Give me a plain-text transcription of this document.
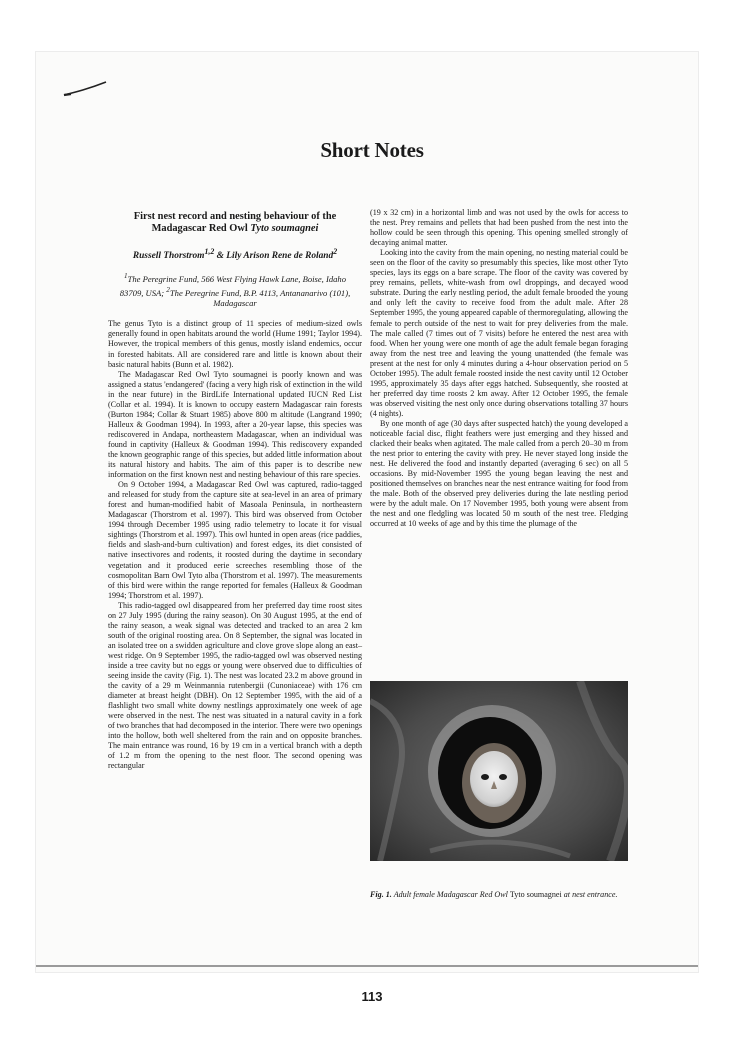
Short Notes
First nest record and nesting behaviour of the
Madagascar Red Owl Tyto soumagnei
Russell Thorstrom$^{1,2}$ & Lily Arison Rene de Roland$^2$
$^1$The Peregrine Fund, 566 West Flying Hawk Lane, Boise, Idaho 83709, USA; $^2$The Peregrine Fund, B.P. 4113, Antananarivo (101), Madagascar

The genus Tyto is a distinct group of 11 species of medium-sized owls generally found in open habitats around the world (Hume 1991; Taylor 1994). However, the tropical members of this genus, mostly island endemics, occur in forested habitats. All are considered rare and little is known about their basic natural habits (Bunn et al. 1982).

The Madagascar Red Owl Tyto soumagnei is poorly known and was assigned a status 'endangered' (facing a very high risk of extinction in the wild in the near future) in the BirdLife International updated IUCN Red List (Collar et al. 1994). It is known to occupy eastern Madagascar rain forests (Burton 1984; Collar & Stuart 1985) above 800 m altitude (Langrand 1990; Halleux & Goodman 1994). In 1993, after a 20-year lapse, this species was rediscovered in Andapa, northeastern Madagascar, when an individual was found in captivity (Halleux & Goodman 1994). This rediscovery expanded the known geographic range of this species, but added little information about its natural history and habits. The aim of this paper is to describe new information on the first known nest and nesting behaviour of this rare species.

On 9 October 1994, a Madagascar Red Owl was captured, radio-tagged and released for study from the capture site at sea-level in an area of primary forest and human-modified habit of Masoala Peninsula, in northeastern Madagascar (Thorstrom et al. 1997). This bird was observed from October 1994 through December 1995 using radio telemetry to locate it for visual sightings (Thorstrom et al. 1997). This owl hunted in open areas (rice paddies, fields and slash-and-burn cultivation) and forest edges, its diet consisted of native insectivores and rodents, it roosted during the daytime in secondary vegetation and it produced eerie screeches resembling those of the cosmopolitan Barn Owl Tyto alba (Thorstrom et al. 1997). The measurements of this bird were within the range reported for females (Halleux & Goodman 1994; Thorstrom et al. 1997).

This radio-tagged owl disappeared from her preferred day time roost sites on 27 July 1995 (during the rainy season). On 30 August 1995, at the end of the rainy season, a weak signal was detected and tracked to an area 2 km south of the original roosting area. On 8 September, the signal was located in an isolated tree on a swidden agriculture and clove grove slope along an east–west ridge. On 9 September 1995, the radio-tagged owl was observed nesting inside a tree cavity but no eggs or young were observed due to difficulties of seeing inside the cavity (Fig. 1). The nest was located 23.2 m above ground in the cavity of a 29 m Weinmannia rutenbergii (Cunoniaceae) with 176 cm diameter at breast height (DBH). On 12 September 1995, with the aid of a flashlight two small white downy nestlings approximately one week of age were observed in the nest. The nest was situated in a natural cavity in a fork of two branches that had decomposed in the interior. There were two openings into the hollow, both well sheltered from the rain and on opposite branches. The main entrance was round, 16 by 19 cm in a vertical branch with a depth of 1.2 m from the opening to the nest floor. The second opening was rectangular

(19 x 32 cm) in a horizontal limb and was not used by the owls for access to the nest. Prey remains and pellets that had been pushed from the nest into the hollow could be seen through this opening. This opening smelled strongly of decaying animal matter.

Looking into the cavity from the main opening, no nesting material could be seen on the floor of the cavity so presumably this species, like most other Tyto species, lays its eggs on a bare scrape. The floor of the cavity was covered by prey remains, pellets, white-wash from owl droppings, and decayed wood substrate. During the early nestling period, the adult female brooded the young and only left the cavity to receive food from the adult male. After 28 September 1995, the young appeared capable of thermoregulating, allowing the female to perch outside of the nest to wait for prey deliveries from the male. The male called (7 times out of 7 visits) before he entered the nest area with food. When her young were one month of age the adult female began foraging away from the nest tree and leaving the young unattended (the female was present at the nest for only 4 minutes during a 4-hour observation period on 5 October 1995). The adult female roosted inside the nest cavity until 12 October 1995, approximately 35 days after eggs hatched. Subsequently, she roosted at her preferred day time roosts 2 km away. After 12 October 1995, the female was observed visiting the nest only once during observations totalling 37 hours (4 nights).

By one month of age (30 days after suspected hatch) the young developed a noticeable facial disc, flight feathers were just emerging and they hissed and clacked their beaks when agitated. The male called from a perch 20–30 m from the nest prior to entering the cavity with prey. He never stayed long inside the nest. He delivered the food and instantly departed (averaging 6 sec) on all 5 occasions. By mid-November 1995 the young began leaving the nest and positioned themselves on branches near the nest entrance waiting for food from the male. Both of the observed prey deliveries during the late nestling period were by the adult male. On 17 November 1995, both young were absent from the nest and one fledgling was located 50 m south of the nest tree. Fledging occurred at 10 weeks of age and by this time the plumage of the

Fig. 1. Adult female Madagascar Red Owl Tyto soumagnei at nest entrance.
113
